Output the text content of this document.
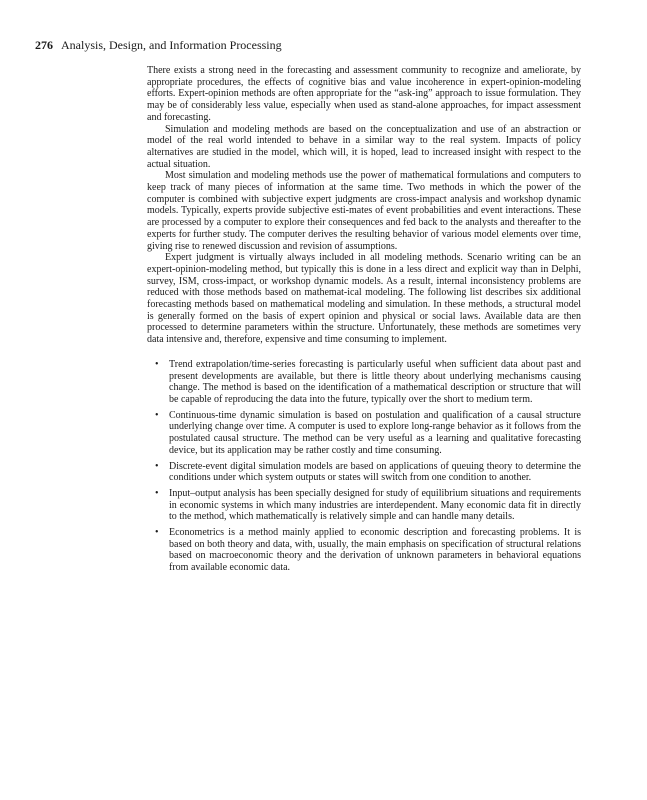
276 Analysis, Design, and Information Processing

There exists a strong need in the forecasting and assessment community to recognize and ameliorate, by appropriate procedures, the effects of cognitive bias and value incoherence in expert-opinion-modeling efforts. Expert-opinion methods are often appropriate for the “ask-ing” approach to issue formulation. They may be of considerably less value, especially when used as stand-alone approaches, for impact assessment and forecasting.

Simulation and modeling methods are based on the conceptualization and use of an abstraction or model of the real world intended to behave in a similar way to the real system. Impacts of policy alternatives are studied in the model, which will, it is hoped, lead to increased insight with respect to the actual situation.

Most simulation and modeling methods use the power of mathematical formulations and computers to keep track of many pieces of information at the same time. Two methods in which the power of the computer is combined with subjective expert judgments are cross-impact analysis and workshop dynamic models. Typically, experts provide subjective esti-mates of event probabilities and event interactions. These are processed by a computer to explore their consequences and fed back to the analysts and thereafter to the experts for further study. The computer derives the resulting behavior of various model elements over time, giving rise to renewed discussion and revision of assumptions.

Expert judgment is virtually always included in all modeling methods. Scenario writing can be an expert-opinion-modeling method, but typically this is done in a less direct and explicit way than in Delphi, survey, ISM, cross-impact, or workshop dynamic models. As a result, internal inconsistency problems are reduced with those methods based on mathemat-ical modeling. The following list describes six additional forecasting methods based on mathematical modeling and simulation. In these methods, a structural model is generally formed on the basis of expert opinion and physical or social laws. Available data are then processed to determine parameters within the structure. Unfortunately, these methods are sometimes very data intensive and, therefore, expensive and time consuming to implement.

• Trend extrapolation/time-series forecasting is particularly useful when sufficient data about past and present developments are available, but there is little theory about underlying mechanisms causing change. The method is based on the identification of a mathematical description or structure that will be capable of reproducing the data into the future, typically over the short to medium term.
• Continuous-time dynamic simulation is based on postulation and qualification of a causal structure underlying change over time. A computer is used to explore long-range behavior as it follows from the postulated causal structure. The method can be very useful as a learning and qualitative forecasting device, but its application may be rather costly and time consuming.
• Discrete-event digital simulation models are based on applications of queuing theory to determine the conditions under which system outputs or states will switch from one condition to another.
• Input–output analysis has been specially designed for study of equilibrium situations and requirements in economic systems in which many industries are interdependent. Many economic data fit in directly to the method, which mathematically is relatively simple and can handle many details.
• Econometrics is a method mainly applied to economic description and forecasting problems. It is based on both theory and data, with, usually, the main emphasis on specification of structural relations based on macroeconomic theory and the derivation of unknown parameters in behavioral equations from available economic data.
